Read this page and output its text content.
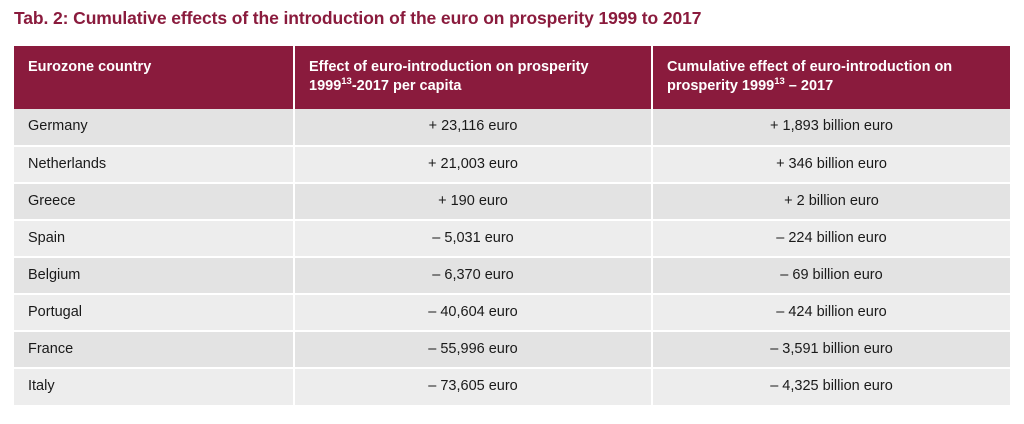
Tab. 2: Cumulative effects of the introduction of the euro on prosperity 1999 to 2017
Eurozone country	Effect of euro-introduction on prosperity 1999$^{13}$-2017 per capita	Cumulative effect of euro-introduction on prosperity 1999$^{13}$ – 2017
Germany	+ 23,116 euro	+ 1,893 billion euro
Netherlands	+ 21,003 euro	+ 346 billion euro
Greece	+ 190 euro	+ 2 billion euro
Spain	– 5,031 euro	– 224 billion euro
Belgium	– 6,370 euro	– 69 billion euro
Portugal	– 40,604 euro	– 424 billion euro
France	– 55,996 euro	– 3,591 billion euro
Italy	– 73,605 euro	– 4,325 billion euro
